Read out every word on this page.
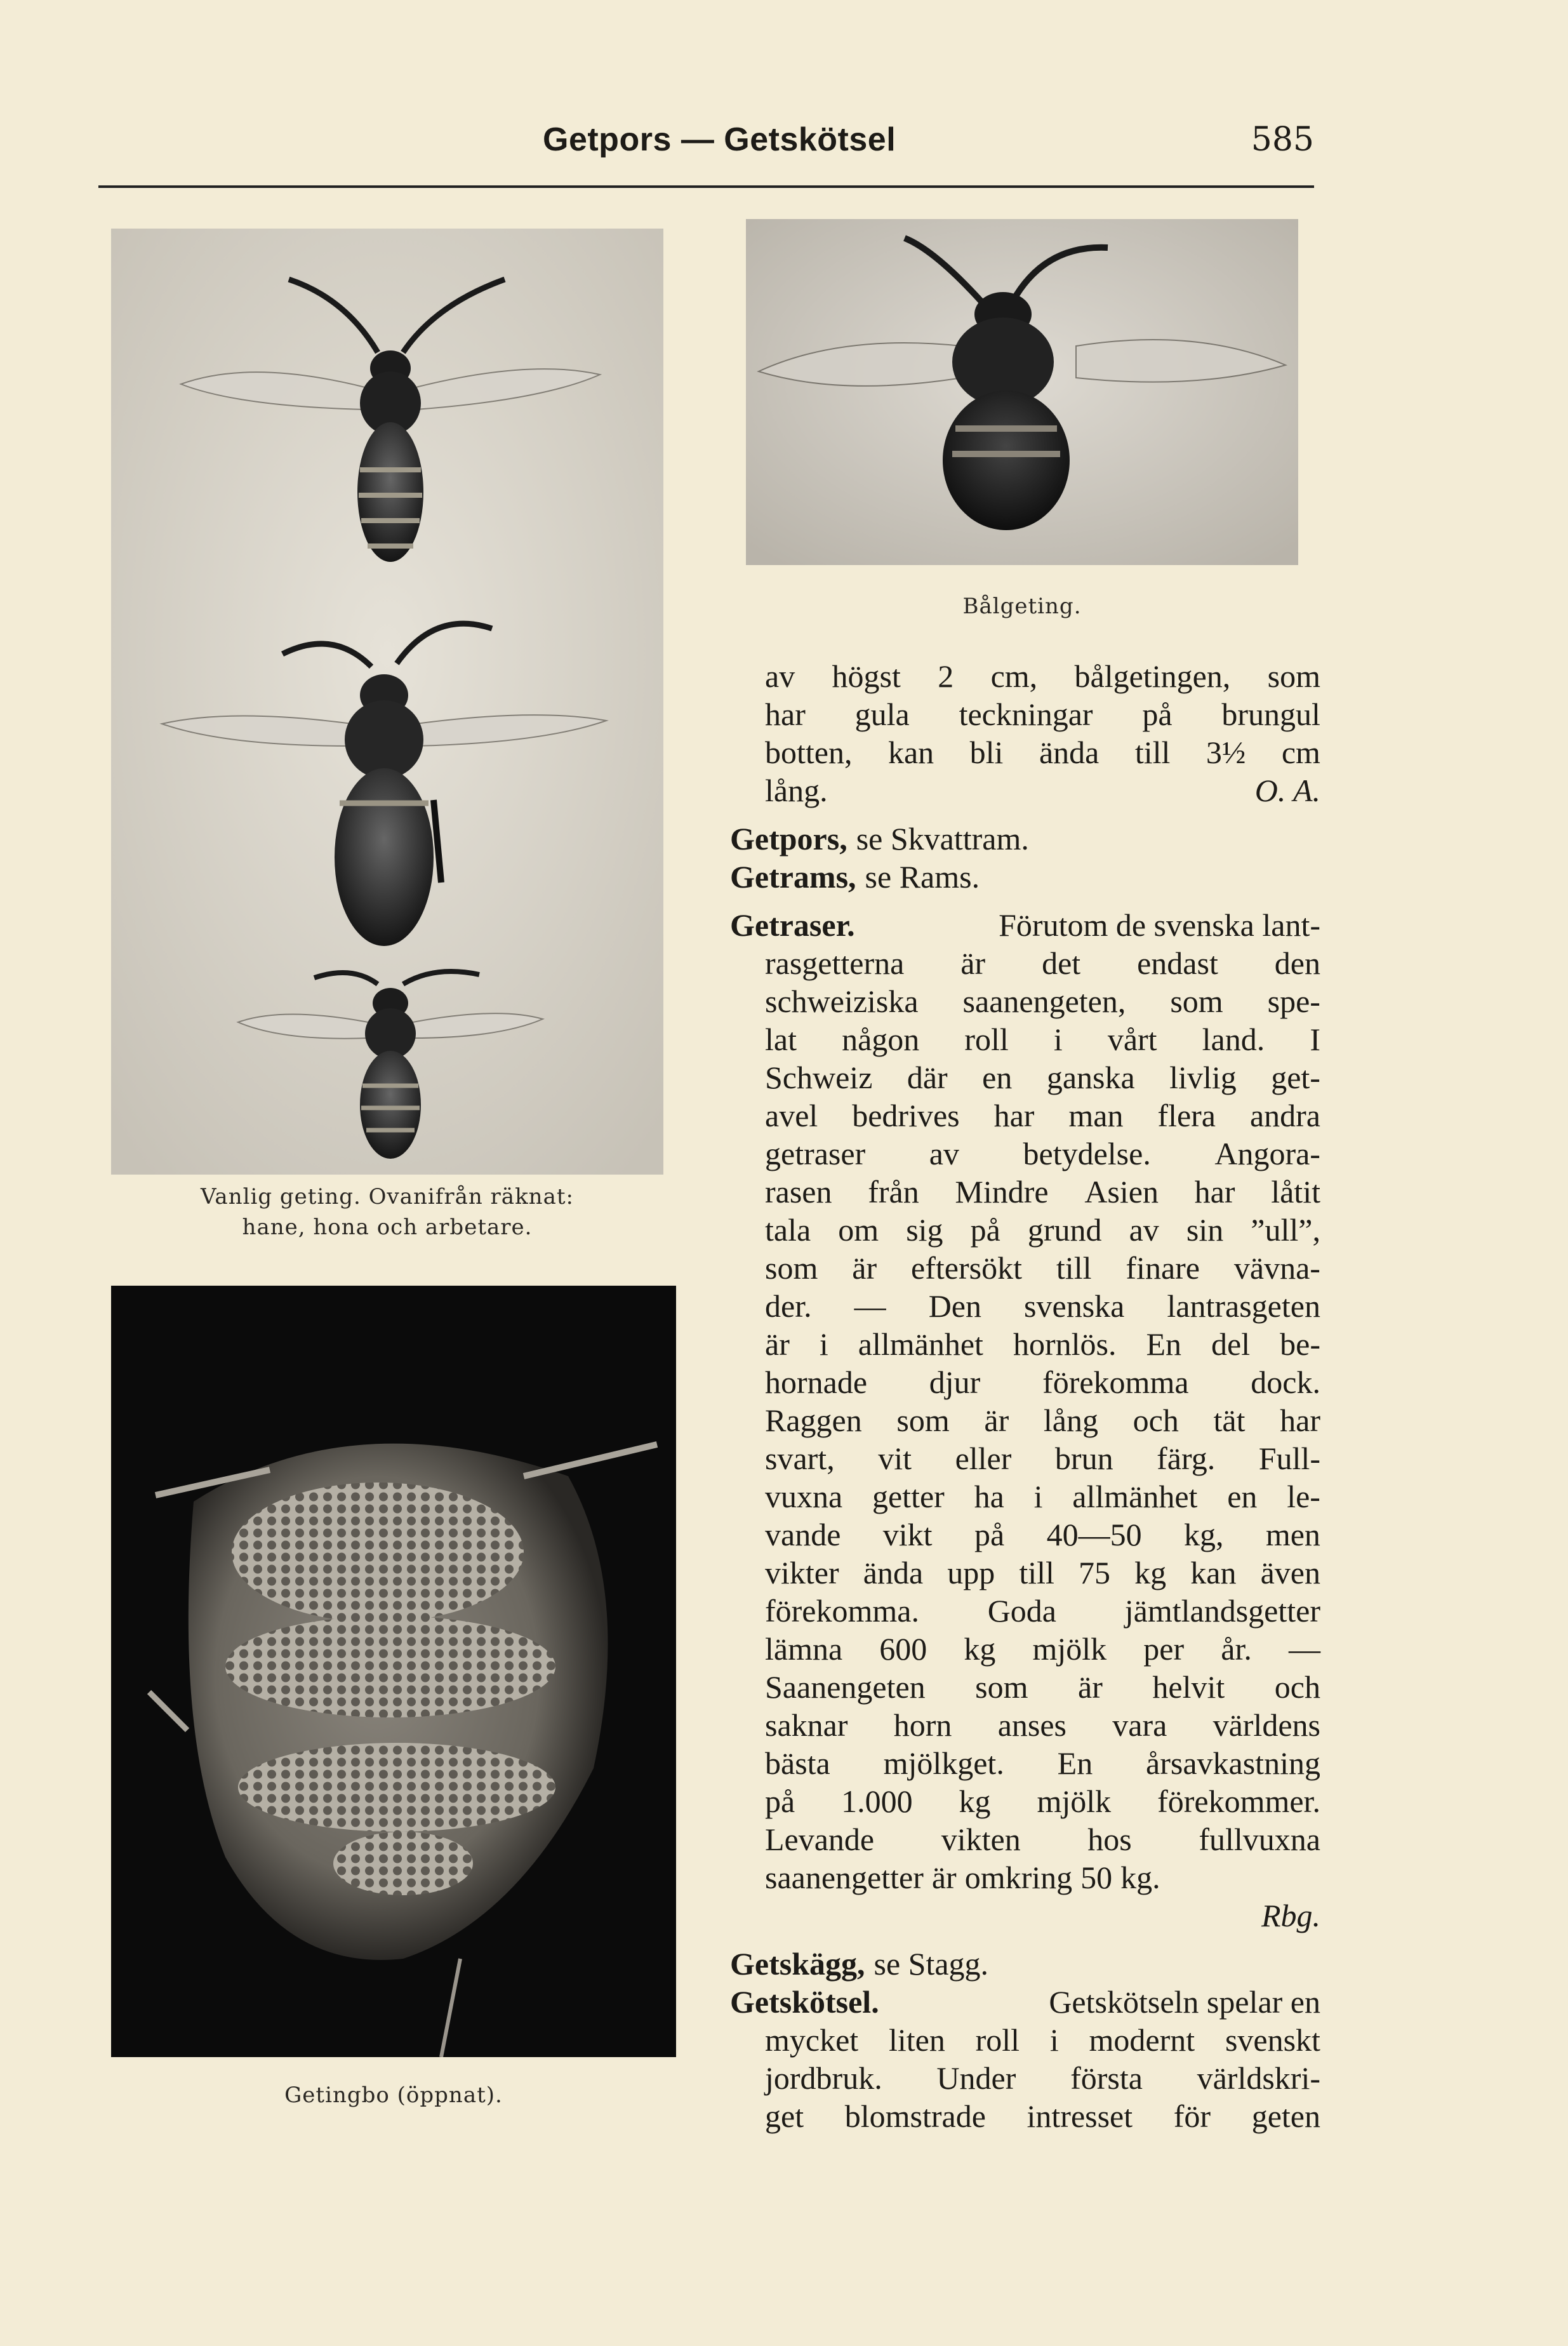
Getpors — Getskötsel	585
Vanlig geting. Ovanifrån räknat:
hane, hona och arbetare.
Bålgeting.
Getingbo (öppnat).
av högst 2 cm, bålgetingen, som
har gula teckningar på brungul
botten, kan bli ända till 3½ cm
lång.	O. A.
Getpors, se Skvattram.
Getrams, se Rams.
Getraser.	Förutom de svenska lant-
rasgetterna är det endast den
schweiziska saanengeten, som spe-
lat någon roll i vårt land. I
Schweiz där en ganska livlig get-
avel bedrives har man flera andra
getraser av betydelse. Angora-
rasen från Mindre Asien har låtit
tala om sig på grund av sin ”ull”,
som är eftersökt till finare vävna-
der. — Den svenska lantrasgeten
är i allmänhet hornlös. En del be-
hornade djur förekomma dock.
Raggen som är lång och tät har
svart, vit eller brun färg. Full-
vuxna getter ha i allmänhet en le-
vande vikt på 40—50 kg, men
vikter ända upp till 75 kg kan även
förekomma. Goda jämtlandsgetter
lämna 600 kg mjölk per år. —
Saanengeten som är helvit och
saknar horn anses vara världens
bästa mjölkget. En årsavkastning
på 1.000 kg mjölk förekommer.
Levande vikten hos fullvuxna
saanengetter är omkring 50 kg.
Rbg.
Getskägg, se Stagg.
Getskötsel.	Getskötseln spelar en
mycket liten roll i modernt svenskt
jordbruk. Under första världskri-
get blomstrade intresset för geten
